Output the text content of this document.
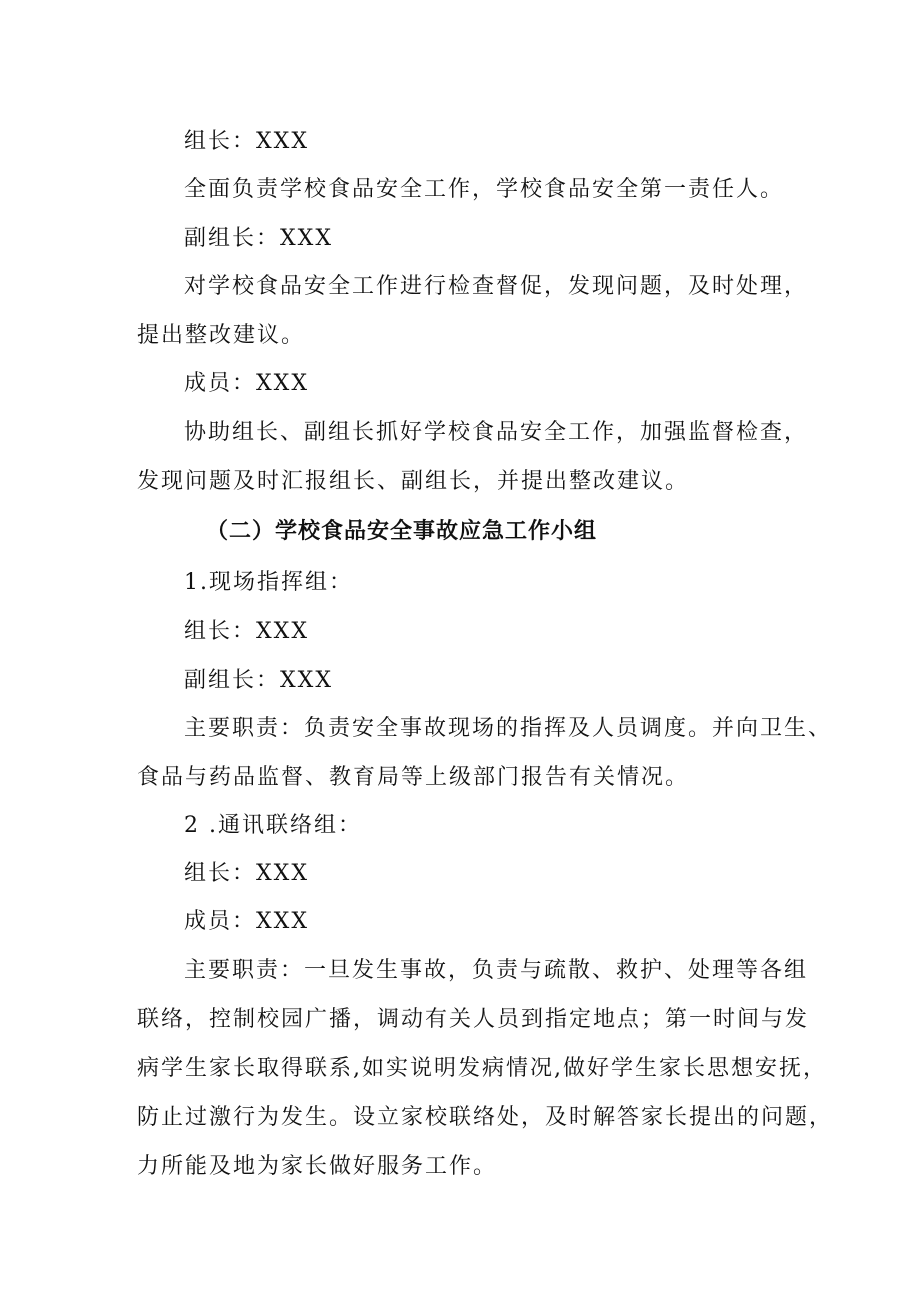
组长：XXX
全面负责学校食品安全工作，学校食品安全第一责任人。
副组长：XXX
对学校食品安全工作进行检查督促，发现问题，及时处理，
提出整改建议。
成员：XXX
协助组长、副组长抓好学校食品安全工作，加强监督检查，
发现问题及时汇报组长、副组长，并提出整改建议。
（二）学校食品安全事故应急工作小组
1.现场指挥组：
组长：XXX
副组长：XXX
主要职责：负责安全事故现场的指挥及人员调度。并向卫生、
食品与药品监督、教育局等上级部门报告有关情况。
2 .通讯联络组：
组长：XXX
成员：XXX
主要职责：一旦发生事故，负责与疏散、救护、处理等各组
联络，控制校园广播，调动有关人员到指定地点；第一时间与发
病学生家长取得联系,如实说明发病情况,做好学生家长思想安抚，
防止过激行为发生。设立家校联络处，及时解答家长提出的问题，
力所能及地为家长做好服务工作。
